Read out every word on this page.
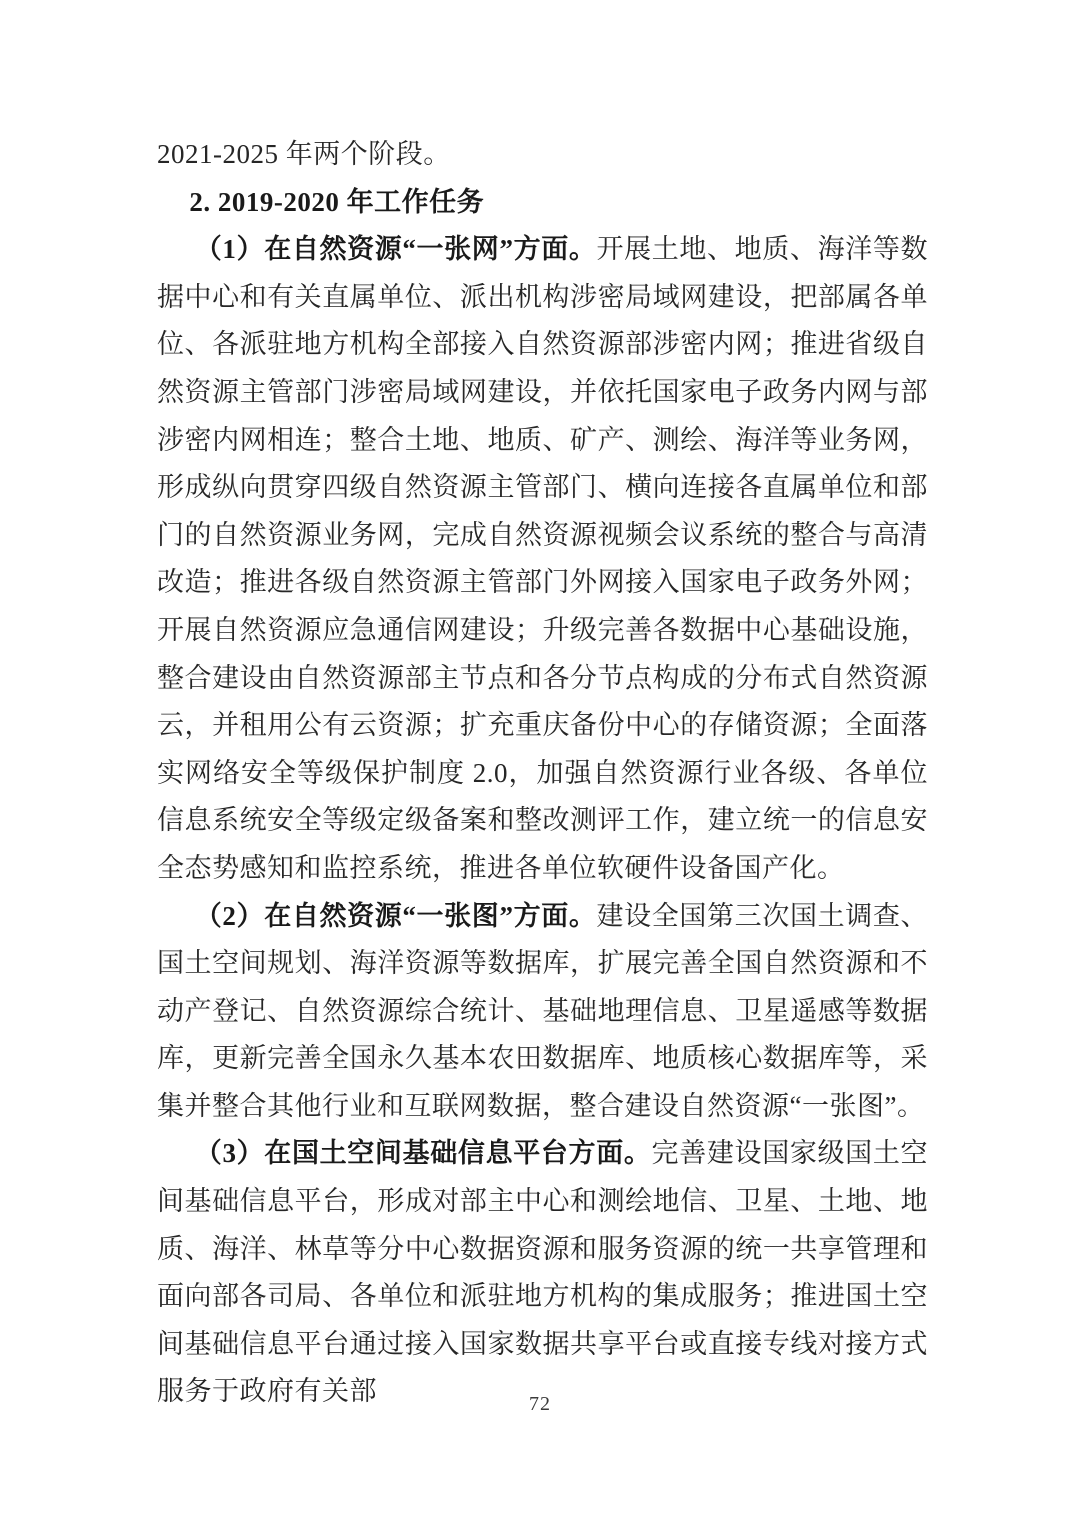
2021-2025 年两个阶段。

2. 2019-2020 年工作任务

（1）在自然资源“一张网”方面。开展土地、地质、海洋等数据中心和有关直属单位、派出机构涉密局域网建设，把部属各单位、各派驻地方机构全部接入自然资源部涉密内网；推进省级自然资源主管部门涉密局域网建设，并依托国家电子政务内网与部涉密内网相连；整合土地、地质、矿产、测绘、海洋等业务网，形成纵向贯穿四级自然资源主管部门、横向连接各直属单位和部门的自然资源业务网，完成自然资源视频会议系统的整合与高清改造；推进各级自然资源主管部门外网接入国家电子政务外网；开展自然资源应急通信网建设；升级完善各数据中心基础设施，整合建设由自然资源部主节点和各分节点构成的分布式自然资源云，并租用公有云资源；扩充重庆备份中心的存储资源；全面落实网络安全等级保护制度 2.0，加强自然资源行业各级、各单位信息系统安全等级定级备案和整改测评工作，建立统一的信息安全态势感知和监控系统，推进各单位软硬件设备国产化。

（2）在自然资源“一张图”方面。建设全国第三次国土调查、国土空间规划、海洋资源等数据库，扩展完善全国自然资源和不动产登记、自然资源综合统计、基础地理信息、卫星遥感等数据库，更新完善全国永久基本农田数据库、地质核心数据库等，采集并整合其他行业和互联网数据，整合建设自然资源“一张图”。

（3）在国土空间基础信息平台方面。完善建设国家级国土空间基础信息平台，形成对部主中心和测绘地信、卫星、土地、地质、海洋、林草等分中心数据资源和服务资源的统一共享管理和面向部各司局、各单位和派驻地方机构的集成服务；推进国土空间基础信息平台通过接入国家数据共享平台或直接专线对接方式服务于政府有关部	72
